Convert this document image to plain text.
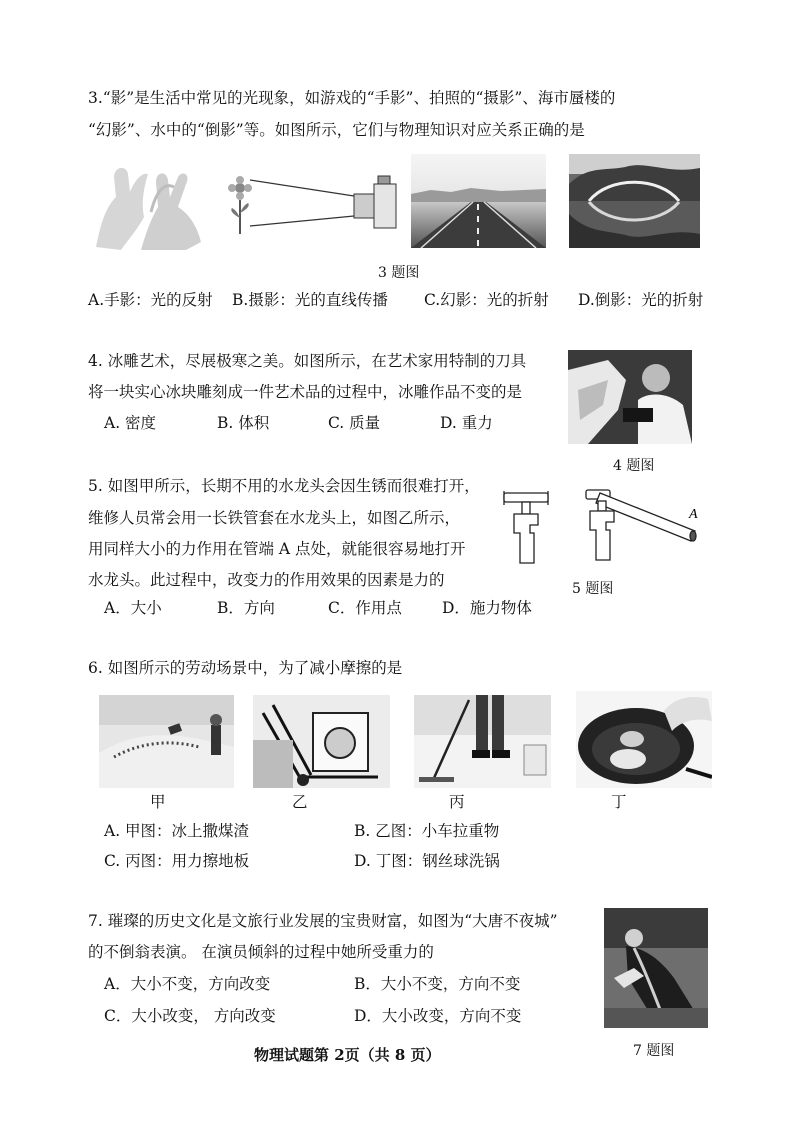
3.“影”是生活中常见的光现象，如游戏的“手影”、拍照的“摄影”、海市蜃楼的
“幻影”、水中的“倒影”等。如图所示，它们与物理知识对应关系正确的是
3 题图
A.手影：光的反射 B.摄影：光的直线传播 C.幻影：光的折射 D.倒影：光的折射
4. 冰雕艺术，尽展极寒之美。如图所示，在艺术家用特制的刀具
将一块实心冰块雕刻成一件艺术品的过程中，冰雕作品不变的是
A. 密度	B. 体积	C. 质量	D. 重力
4 题图
5. 如图甲所示，长期不用的水龙头会因生锈而很难打开，
维修人员常会用一长铁管套在水龙头上，如图乙所示，
用同样大小的力作用在管端 A 点处，就能很容易地打开
水龙头。此过程中，改变力的作用效果的因素是力的
A．大小	B．方向	C．作用点	D．施力物体
A
5 题图
6. 如图所示的劳动场景中，为了减小摩擦的是
甲	乙	丙	丁
A. 甲图：冰上撒煤渣	B. 乙图：小车拉重物
C. 丙图：用力擦地板	D. 丁图：钢丝球洗锅
7. 璀璨的历史文化是文旅行业发展的宝贵财富，如图为“大唐不夜城”
的不倒翁表演。 在演员倾斜的过程中她所受重力的
A．大小不变，方向改变	B．大小不变，方向不变
C．大小改变， 方向改变	D．大小改变，方向不变
7 题图
物理试题第 2页（共 8 页）
